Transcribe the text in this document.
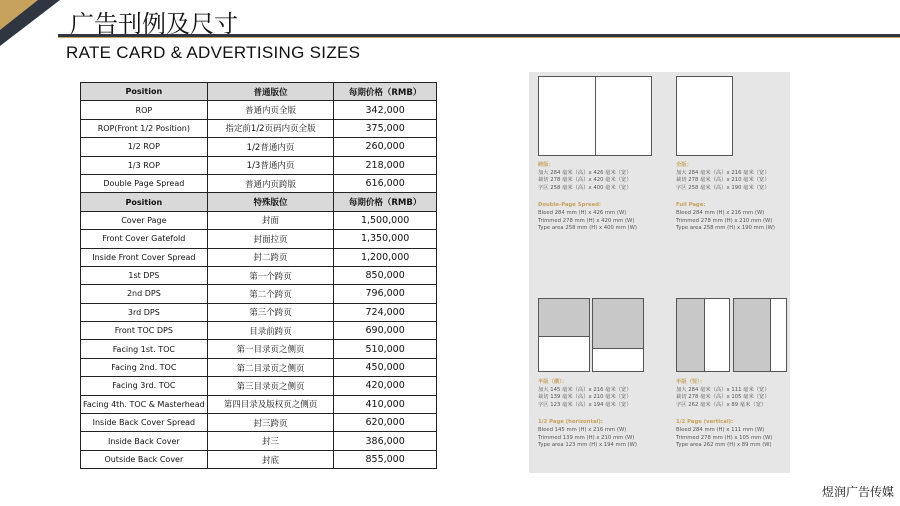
广告刊例及尺寸
RATE CARD & ADVERTISING SIZES
Position	普通版位	每期价格（RMB）
ROP	普通内页全版	342,000
ROP(Front 1/2 Position)	指定前1/2页码内页全版	375,000
1/2 ROP	1/2普通内页	260,000
1/3 ROP	1/3普通内页	218,000
Double Page Spread	普通内页跨版	616,000
Position	特殊版位	每期价格（RMB）
Cover Page	封面	1,500,000
Front Cover Gatefold	封面拉页	1,350,000
Inside Front Cover Spread	封二跨页	1,200,000
1st DPS	第一个跨页	850,000
2nd DPS	第二个跨页	796,000
3rd DPS	第三个跨页	724,000
Front TOC DPS	目录前跨页	690,000
Facing 1st. TOC	第一目录页之侧页	510,000
Facing 2nd. TOC	第二目录页之侧页	450,000
Facing 3rd. TOC	第三目录页之侧页	420,000
Facing 4th. TOC & Masterhead	第四目录及版权页之侧页	410,000
Inside Back Cover Spread	封三跨页	620,000
Inside Back Cover	封三	386,000
Outside Back Cover	封底	855,000
跨版：
加大 284 毫米（高）x 426 毫米（宽）
裁切 278 毫米（高）x 420 毫米（宽）
字区 258 毫米（高）x 400 毫米（宽）
Double-Page Spread:
Bleed 284 mm (H) x 426 mm (W)
Trimmed 278 mm (H) x 420 mm (W)
Type area 258 mm (H) x 400 mm (W)
全版：
加大 284 毫米（高）x 216 毫米（宽）
裁切 278 毫米（高）x 210 毫米（宽）
字区 258 毫米（高）x 190 毫米（宽）
Full Page:
Bleed 284 mm (H) x 216 mm (W)
Trimmed 278 mm (H) x 210 mm (W)
Type area 258 mm (H) x 190 mm (W)
半版（横）：
加大 145 毫米（高）x 216 毫米（宽）
裁切 139 毫米（高）x 210 毫米（宽）
字区 123 毫米（高）x 194 毫米（宽）
1/2 Page (horizontal):
Bleed 145 mm (H) x 216 mm (W)
Trimmed 139 mm (H) x 210 mm (W)
Type area 123 mm (H) x 194 mm (W)
半版（竖）：
加大 284 毫米（高）x 111 毫米（宽）
裁切 278 毫米（高）x 105 毫米（宽）
字区 262 毫米（高）x 89 毫米（宽）
1/2 Page (vertical):
Bleed 284 mm (H) x 111 mm (W)
Trimmed 278 mm (H) x 105 mm (W)
Type area 262 mm (H) x 89 mm (W)
煜润广告传媒
